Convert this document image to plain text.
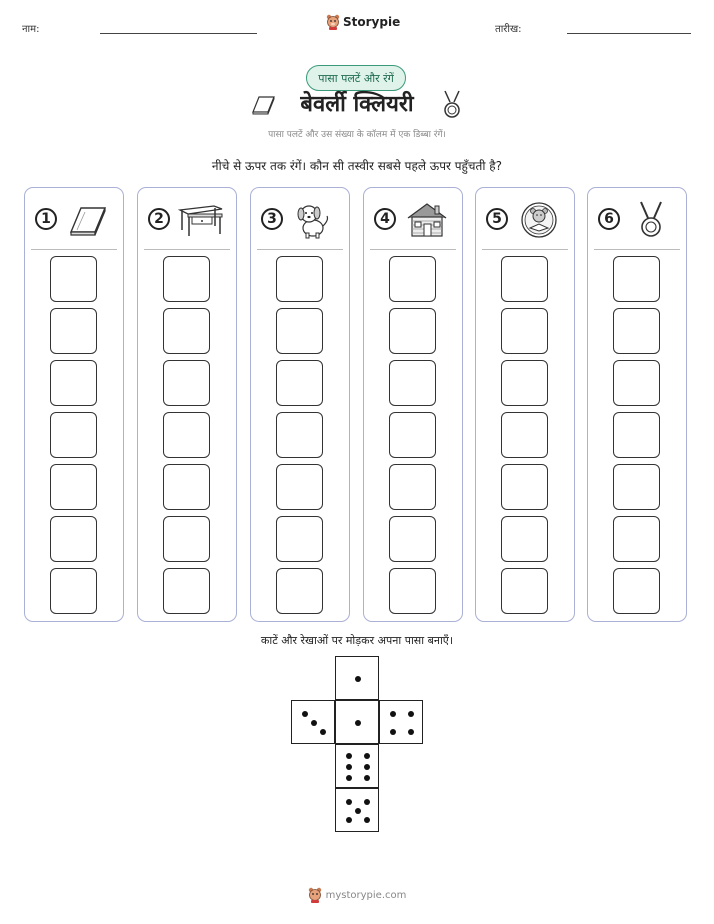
नाम:
Storypie
तारीख:
पासा पलटें और रंगें
बेवर्ली क्लियरी
पासा पलटें और उस संख्या के कॉलम में एक डिब्बा रंगें।
नीचे से ऊपर तक रंगें। कौन सी तस्वीर सबसे पहले ऊपर पहुँचती है?
1	2	3	4	5	6
काटें और रेखाओं पर मोड़कर अपना पासा बनाएँ।
mystorypie.com
